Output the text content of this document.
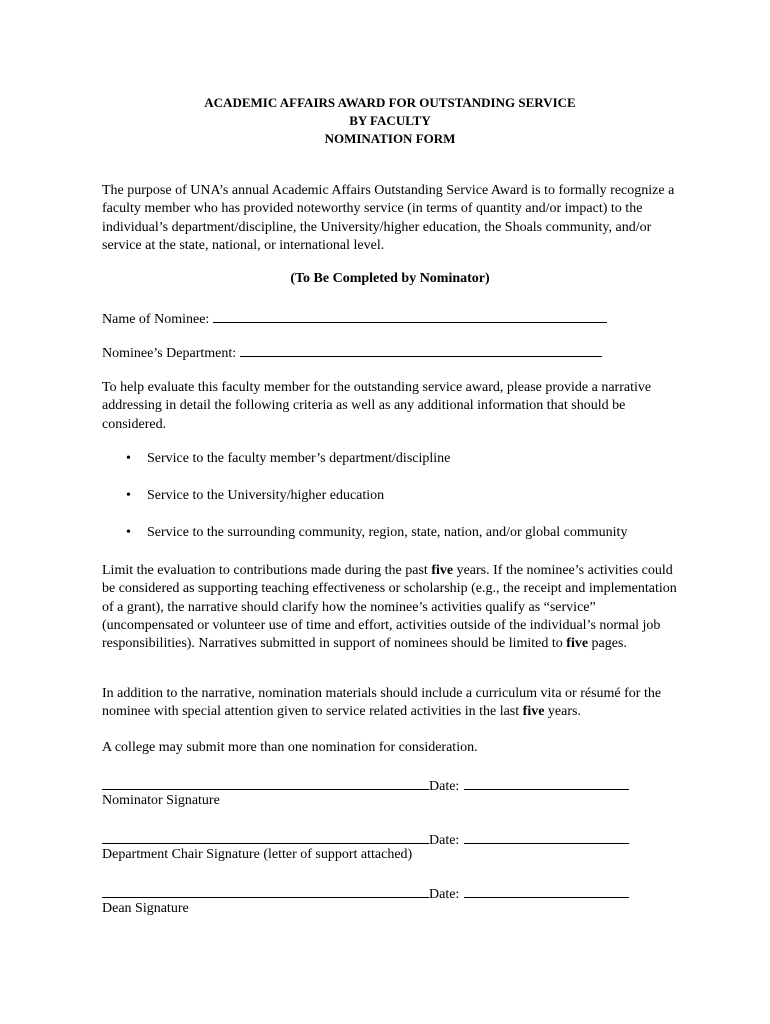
ACADEMIC AFFAIRS AWARD FOR OUTSTANDING SERVICE
BY FACULTY
NOMINATION FORM

The purpose of UNA’s annual Academic Affairs Outstanding Service Award is to formally recognize a faculty member who has provided noteworthy service (in terms of quantity and/or impact) to the individual’s department/discipline, the University/higher education, the Shoals community, and/or service at the state, national, or international level.

(To Be Completed by Nominator)
Name of Nominee:
Nominee’s Department:

To help evaluate this faculty member for the outstanding service award, please provide a narrative addressing in detail the following criteria as well as any additional information that should be considered.

• Service to the faculty member’s department/discipline
• Service to the University/higher education
• Service to the surrounding community, region, state, nation, and/or global community

Limit the evaluation to contributions made during the past five years. If the nominee’s activities could be considered as supporting teaching effectiveness or scholarship (e.g., the receipt and implementation of a grant), the narrative should clarify how the nominee’s activities qualify as “service” (uncompensated or volunteer use of time and effort, activities outside of the individual’s normal job responsibilities). Narratives submitted in support of nominees should be limited to five pages.

In addition to the narrative, nomination materials should include a curriculum vita or résumé for the nominee with special attention given to service related activities in the last five years.

A college may submit more than one nomination for consideration.

Date:
Nominator Signature
Date:
Department Chair Signature (letter of support attached)
Date:
Dean Signature
